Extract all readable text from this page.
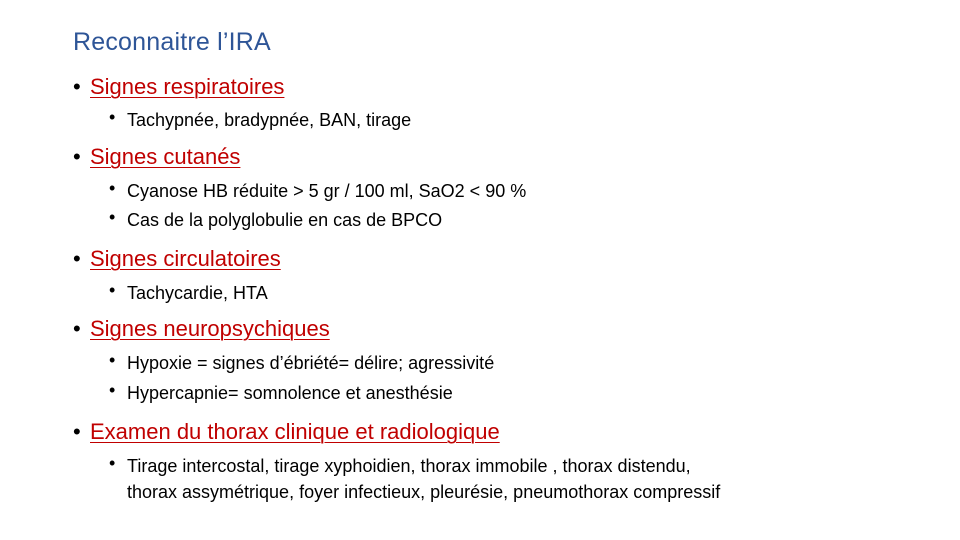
Reconnaitre l’IRA
• Signes respiratoires
• Tachypnée, bradypnée, BAN, tirage
• Signes cutanés
• Cyanose HB réduite > 5 gr / 100 ml, SaO2 < 90 %
• Cas de la polyglobulie en cas de BPCO
• Signes circulatoires
• Tachycardie, HTA
• Signes neuropsychiques
• Hypoxie = signes d’ébriété= délire; agressivité
• Hypercapnie= somnolence et anesthésie
• Examen du thorax clinique et radiologique
• Tirage intercostal, tirage xyphoidien, thorax immobile , thorax distendu,
thorax assymétrique, foyer infectieux, pleurésie, pneumothorax compressif
